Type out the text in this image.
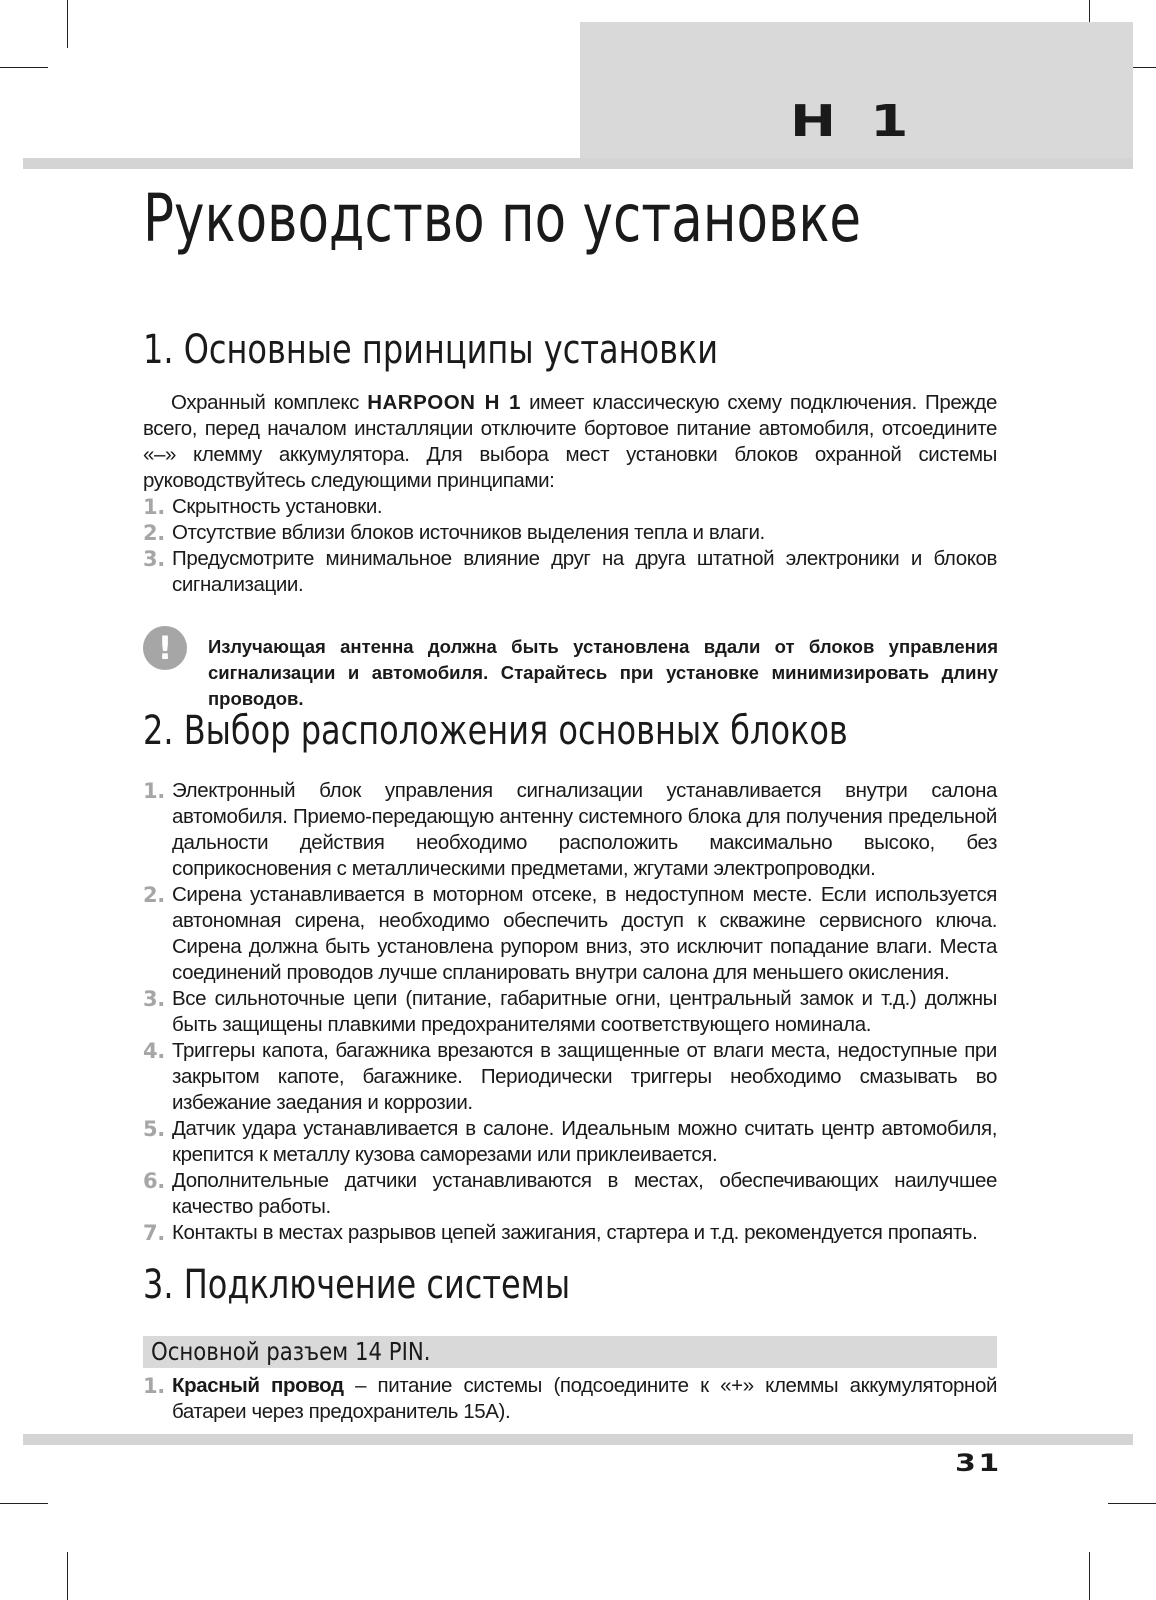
H 1

Руководство по установке
1. Основные принципы установки

Охранный комплекс HARPOON H 1 имеет классическую схему подключения. Прежде всего, перед началом инсталляции отключите бортовое питание автомобиля, отсоедините «–» клемму аккумулятора. Для выбора мест установки блоков охранной системы руководствуйтесь следующими принципами:

1. Скрытность установки.
2. Отсутствие вблизи блоков источников выделения тепла и влаги.
3. Предусмотрите минимальное влияние друг на друга штатной электроники и блоков сигнализации.
!	Излучающая антенна должна быть установлена вдали от блоков управления сигнализации и автомобиля. Старайтесь при установке минимизировать длину проводов.

2. Выбор расположения основных блоков
1. Электронный блок управления сигнализации устанавливается внутри салона автомобиля. Приемо-передающую антенну системного блока для получения предельной дальности действия необходимо расположить максимально высоко, без соприкосновения с металлическими предметами, жгутами электропроводки.
2. Сирена устанавливается в моторном отсеке, в недоступном месте. Если используется автономная сирена, необходимо обеспечить доступ к скважине сервисного ключа. Сирена должна быть установлена рупором вниз, это исключит попадание влаги. Места соединений проводов лучше спланировать внутри салона для меньшего окисления.
3. Все сильноточные цепи (питание, габаритные огни, центральный замок и т.д.) должны быть защищены плавкими предохранителями соответствующего номинала.
4. Триггеры капота, багажника врезаются в защищенные от влаги места, недоступные при закрытом капоте, багажнике. Периодически триггеры необходимо смазывать во избежание заедания и коррозии.
5. Датчик удара устанавливается в салоне. Идеальным можно считать центр автомобиля, крепится к металлу кузова саморезами или приклеивается.
6. Дополнительные датчики устанавливаются в местах, обеспечивающих наилучшее качество работы.
7. Контакты в местах разрывов цепей зажигания, стартера и т.д. рекомендуется пропаять.
3. Подключение системы
Основной разъем 14 PIN.
1. Красный провод – питание системы (подсоедините к «+» клеммы аккумуляторной батареи через предохранитель 15А).

31
